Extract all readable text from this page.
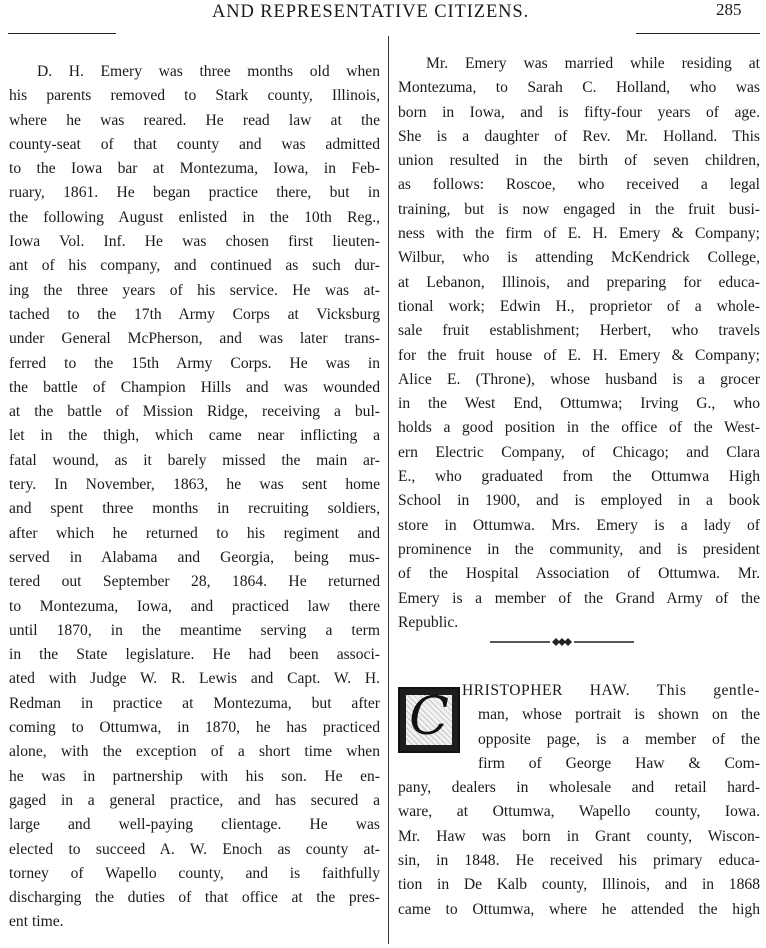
AND REPRESENTATIVE CITIZENS.	285
D. H. Emery was three months old when
his parents removed to Stark county, Illinois,
where he was reared. He read law at the
county-seat of that county and was admitted
to the Iowa bar at Montezuma, Iowa, in Feb-
ruary, 1861. He began practice there, but in
the following August enlisted in the 10th Reg.,
Iowa Vol. Inf. He was chosen first lieuten-
ant of his company, and continued as such dur-
ing the three years of his service. He was at-
tached to the 17th Army Corps at Vicksburg
under General McPherson, and was later trans-
ferred to the 15th Army Corps. He was in
the battle of Champion Hills and was wounded
at the battle of Mission Ridge, receiving a bul-
let in the thigh, which came near inflicting a
fatal wound, as it barely missed the main ar-
tery. In November, 1863, he was sent home
and spent three months in recruiting soldiers,
after which he returned to his regiment and
served in Alabama and Georgia, being mus-
tered out September 28, 1864. He returned
to Montezuma, Iowa, and practiced law there
until 1870, in the meantime serving a term
in the State legislature. He had been associ-
ated with Judge W. R. Lewis and Capt. W. H.
Redman in practice at Montezuma, but after
coming to Ottumwa, in 1870, he has practiced
alone, with the exception of a short time when
he was in partnership with his son. He en-
gaged in a general practice, and has secured a
large and well-paying clientage. He was
elected to succeed A. W. Enoch as county at-
torney of Wapello county, and is faithfully
discharging the duties of that office at the pres-
ent time.
Mr. Emery was married while residing at
Montezuma, to Sarah C. Holland, who was
born in Iowa, and is fifty-four years of age.
She is a daughter of Rev. Mr. Holland. This
union resulted in the birth of seven children,
as follows: Roscoe, who received a legal
training, but is now engaged in the fruit busi-
ness with the firm of E. H. Emery & Company;
Wilbur, who is attending McKendrick College,
at Lebanon, Illinois, and preparing for educa-
tional work; Edwin H., proprietor of a whole-
sale fruit establishment; Herbert, who travels
for the fruit house of E. H. Emery & Company;
Alice E. (Throne), whose husband is a grocer
in the West End, Ottumwa; Irving G., who
holds a good position in the office of the West-
ern Electric Company, of Chicago; and Clara
E., who graduated from the Ottumwa High
School in 1900, and is employed in a book
store in Ottumwa. Mrs. Emery is a lady of
prominence in the community, and is president
of the Hospital Association of Ottumwa. Mr.
Emery is a member of the Grand Army of the
Republic.
C HRISTOPHER HAW. This gentle-
man, whose portrait is shown on the
opposite page, is a member of the
firm of George Haw & Com-
pany, dealers in wholesale and retail hard-
ware, at Ottumwa, Wapello county, Iowa.
Mr. Haw was born in Grant county, Wiscon-
sin, in 1848. He received his primary educa-
tion in De Kalb county, Illinois, and in 1868
came to Ottumwa, where he attended the high
